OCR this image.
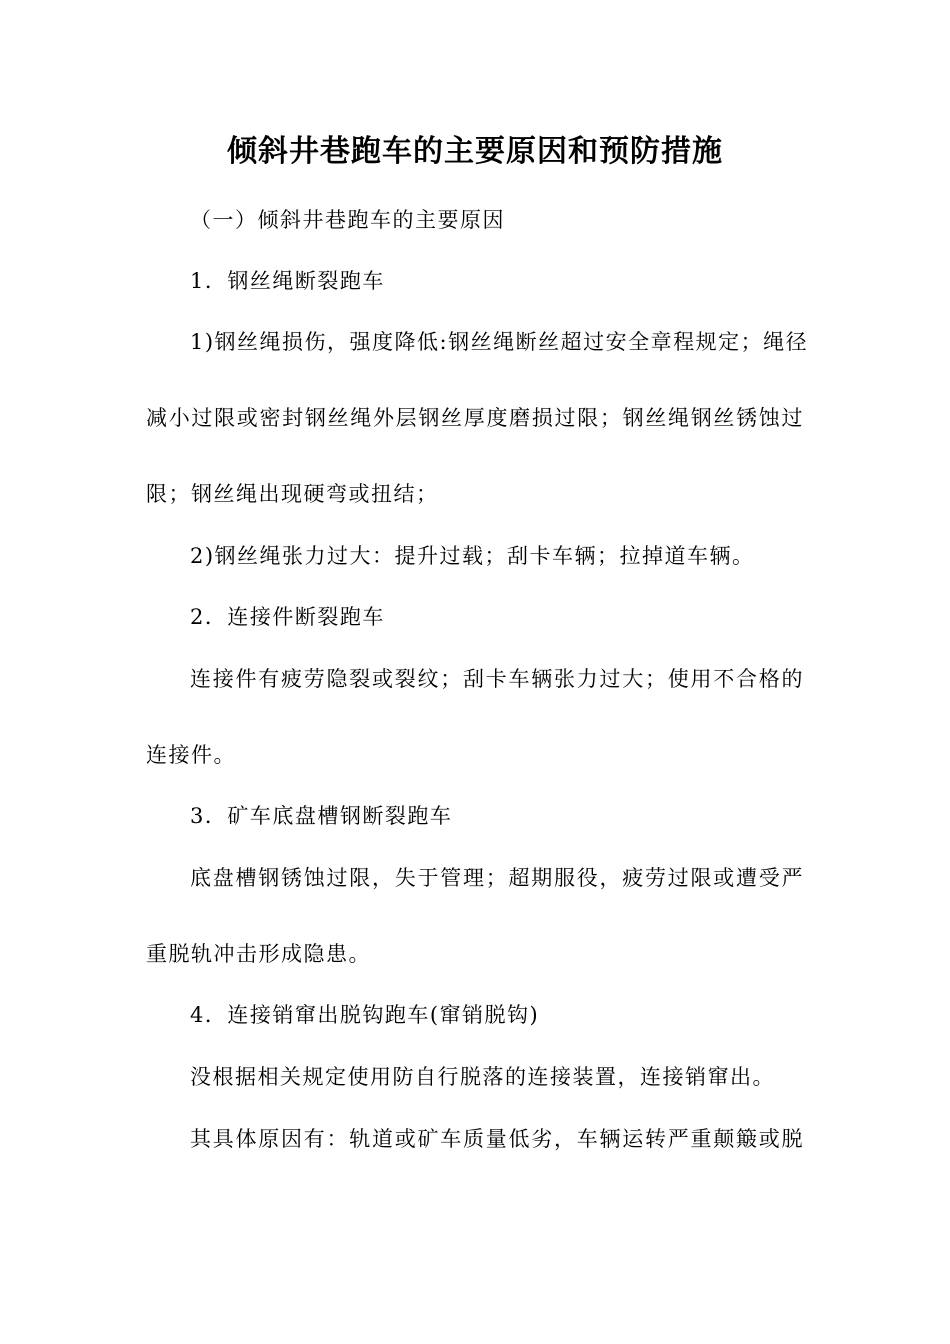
倾斜井巷跑车的主要原因和预防措施
（一）倾斜井巷跑车的主要原因
1．钢丝绳断裂跑车
1)钢丝绳损伤，强度降低:钢丝绳断丝超过安全章程规定；绳径
减小过限或密封钢丝绳外层钢丝厚度磨损过限；钢丝绳钢丝锈蚀过
限；钢丝绳出现硬弯或扭结；
2)钢丝绳张力过大：提升过载；刮卡车辆；拉掉道车辆。
2．连接件断裂跑车
连接件有疲劳隐裂或裂纹；刮卡车辆张力过大；使用不合格的
连接件。
3．矿车底盘槽钢断裂跑车
底盘槽钢锈蚀过限，失于管理；超期服役，疲劳过限或遭受严
重脱轨冲击形成隐患。
4．连接销窜出脱钩跑车(窜销脱钩)
没根据相关规定使用防自行脱落的连接装置，连接销窜出。
其具体原因有：轨道或矿车质量低劣，车辆运转严重颠簸或脱
